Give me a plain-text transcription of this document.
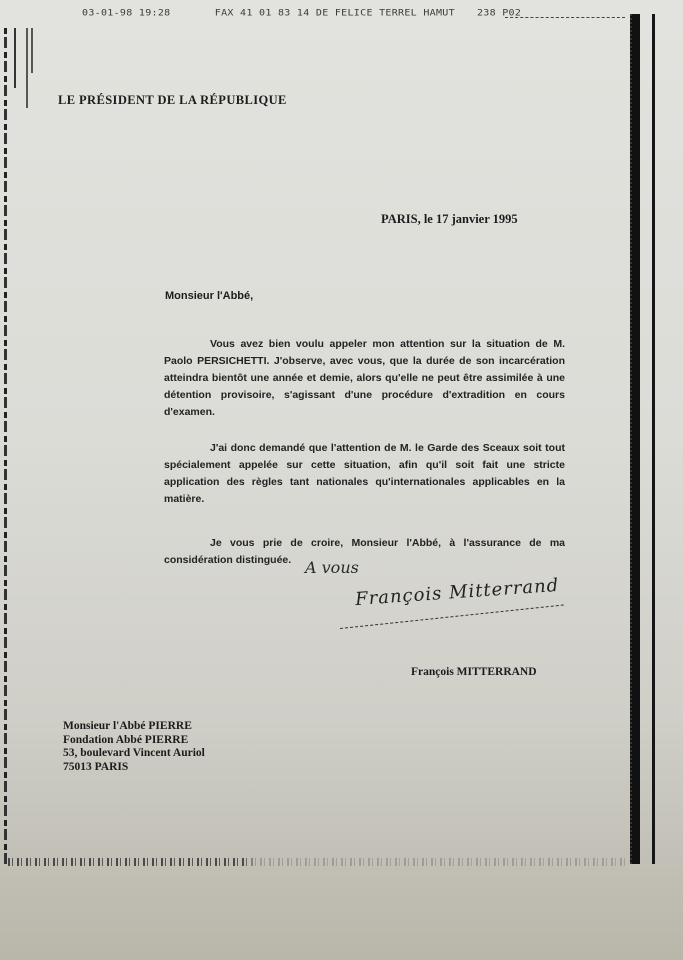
03-01-98 19:28	FAX 41 01 83 14 DE FELICE TERREL HAMUT 238 P02
LE PRÉSIDENT DE LA RÉPUBLIQUE
PARIS, le 17 janvier 1995
Monsieur l'Abbé,
Vous avez bien voulu appeler mon attention sur la situation de M. Paolo PERSICHETTI. J'observe, avec vous, que la durée de son incarcération atteindra bientôt une année et demie, alors qu'elle ne peut être assimilée à une détention provisoire, s'agissant d'une procédure d'extradition en cours d'examen.
J'ai donc demandé que l'attention de M. le Garde des Sceaux soit tout spécialement appelée sur cette situation, afin qu'il soit fait une stricte application des règles tant nationales qu'internationales applicables en la matière.
Je vous prie de croire, Monsieur l'Abbé, à l'assurance de ma considération distinguée. A vous
François Mitterrand
François MITTERRAND
Monsieur l'Abbé PIERRE
Fondation Abbé PIERRE
53, boulevard Vincent Auriol
75013 PARIS
